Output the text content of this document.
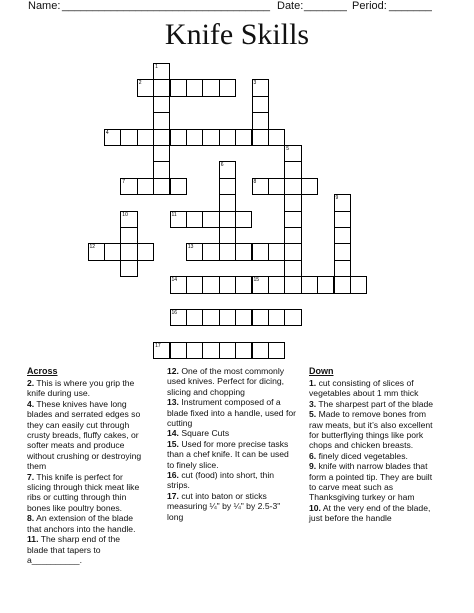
Name: __________________________________ Date: _______ Period: _______
Knife Skills
1
2	3
4
5
6
7	8
9
10	11
12	13
14	15
16
17
Across
2. This is where you grip the knife during use.
4. These knives have long blades and serrated edges so they can easily cut through crusty breads, fluffy cakes, or softer meats and produce without crushing or destroying them
7. This knife is perfect for slicing through thick meat like ribs or cutting through thin bones like poultry bones.
8. An extension of the blade that anchors into the handle.
11. The sharp end of the blade that tapers to a__________.
12. One of the most commonly used knives. Perfect for dicing, slicing and chopping
13. Instrument composed of a blade fixed into a handle, used for cutting
14. Square Cuts
15. Used for more precise tasks than a chef knife. It can be used to finely slice.
16. cut (food) into short, thin strips.
17. cut into baton or sticks measuring ¼" by ¼" by 2.5-3" long
Down
1. cut consisting of slices of vegetables about 1 mm thick
3. The sharpest part of the blade
5. Made to remove bones from raw meats, but it’s also excellent for butterflying things like pork chops and chicken breasts.
6. finely diced vegetables.
9. knife with narrow blades that form a pointed tip. They are built to carve meat such as Thanksgiving turkey or ham
10. At the very end of the blade, just before the handle
